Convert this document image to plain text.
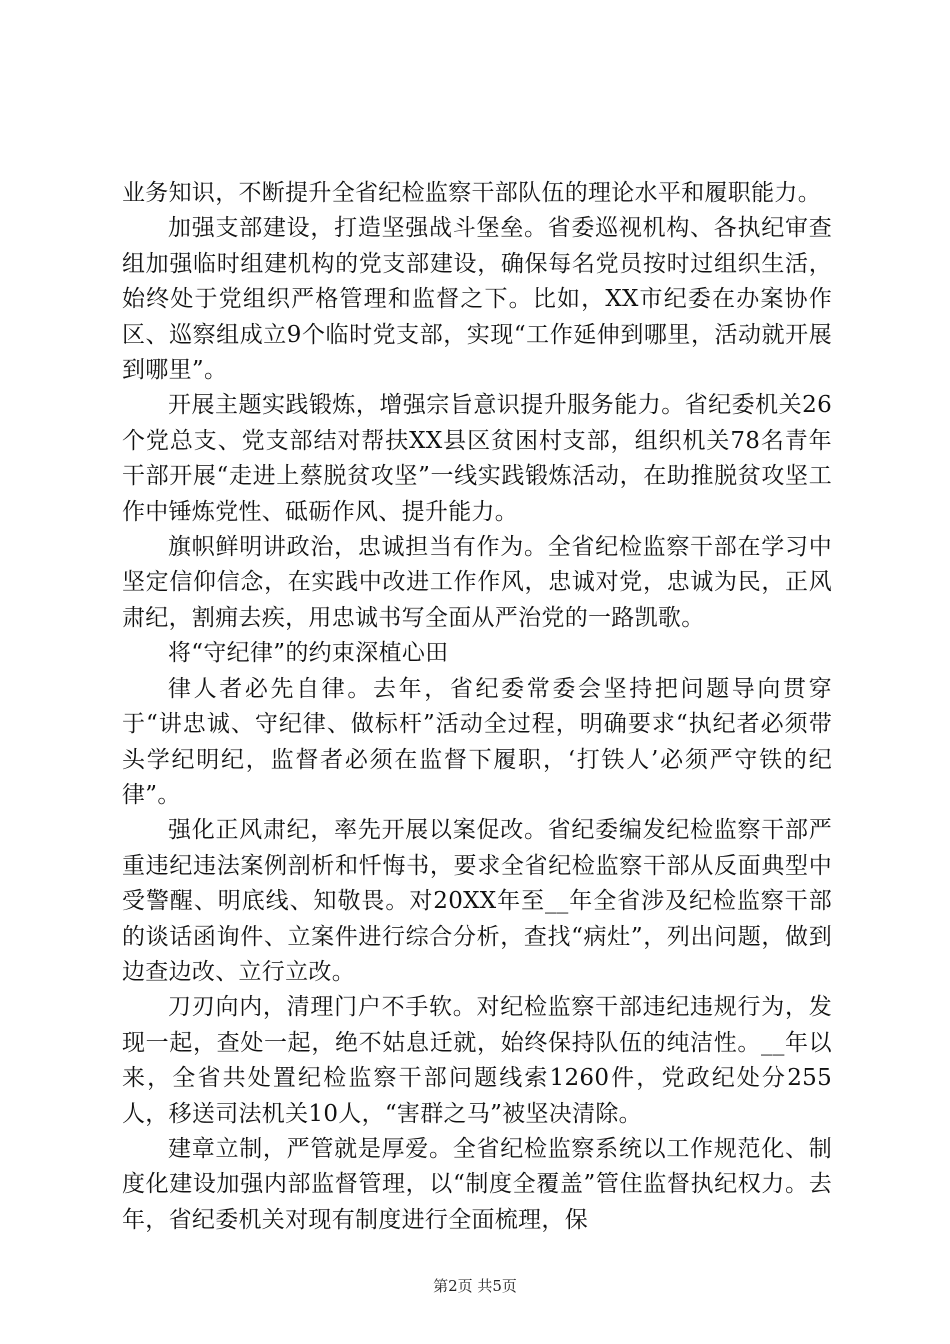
业务知识，不断提升全省纪检监察干部队伍的理论水平和履职能力。

加强支部建设，打造坚强战斗堡垒。省委巡视机构、各执纪审查组加强临时组建机构的党支部建设，确保每名党员按时过组织生活，始终处于党组织严格管理和监督之下。比如，XX市纪委在办案协作区、巡察组成立9个临时党支部，实现“工作延伸到哪里，活动就开展到哪里”。

开展主题实践锻炼，增强宗旨意识提升服务能力。省纪委机关26个党总支、党支部结对帮扶XX县区贫困村支部，组织机关78名青年干部开展“走进上蔡脱贫攻坚”一线实践锻炼活动，在助推脱贫攻坚工作中锤炼党性、砥砺作风、提升能力。

旗帜鲜明讲政治，忠诚担当有作为。全省纪检监察干部在学习中坚定信仰信念，在实践中改进工作作风，忠诚对党，忠诚为民，正风肃纪，割痈去疾，用忠诚书写全面从严治党的一路凯歌。

将“守纪律”的约束深植心田

律人者必先自律。去年，省纪委常委会坚持把问题导向贯穿于“讲忠诚、守纪律、做标杆”活动全过程，明确要求“执纪者必须带头学纪明纪，监督者必须在监督下履职，‘打铁人’必须严守铁的纪律”。

强化正风肃纪，率先开展以案促改。省纪委编发纪检监察干部严重违纪违法案例剖析和忏悔书，要求全省纪检监察干部从反面典型中受警醒、明底线、知敬畏。对20XX年至__年全省涉及纪检监察干部的谈话函询件、立案件进行综合分析，查找“病灶”，列出问题，做到边查边改、立行立改。

刀刃向内，清理门户不手软。对纪检监察干部违纪违规行为，发现一起，查处一起，绝不姑息迁就，始终保持队伍的纯洁性。__年以来，全省共处置纪检监察干部问题线索1260件，党政纪处分255人，移送司法机关10人，“害群之马”被坚决清除。

建章立制，严管就是厚爱。全省纪检监察系统以工作规范化、制度化建设加强内部监督管理，以“制度全覆盖”管住监督执纪权力。去年，省纪委机关对现有制度进行全面梳理，保

第2页 共5页
